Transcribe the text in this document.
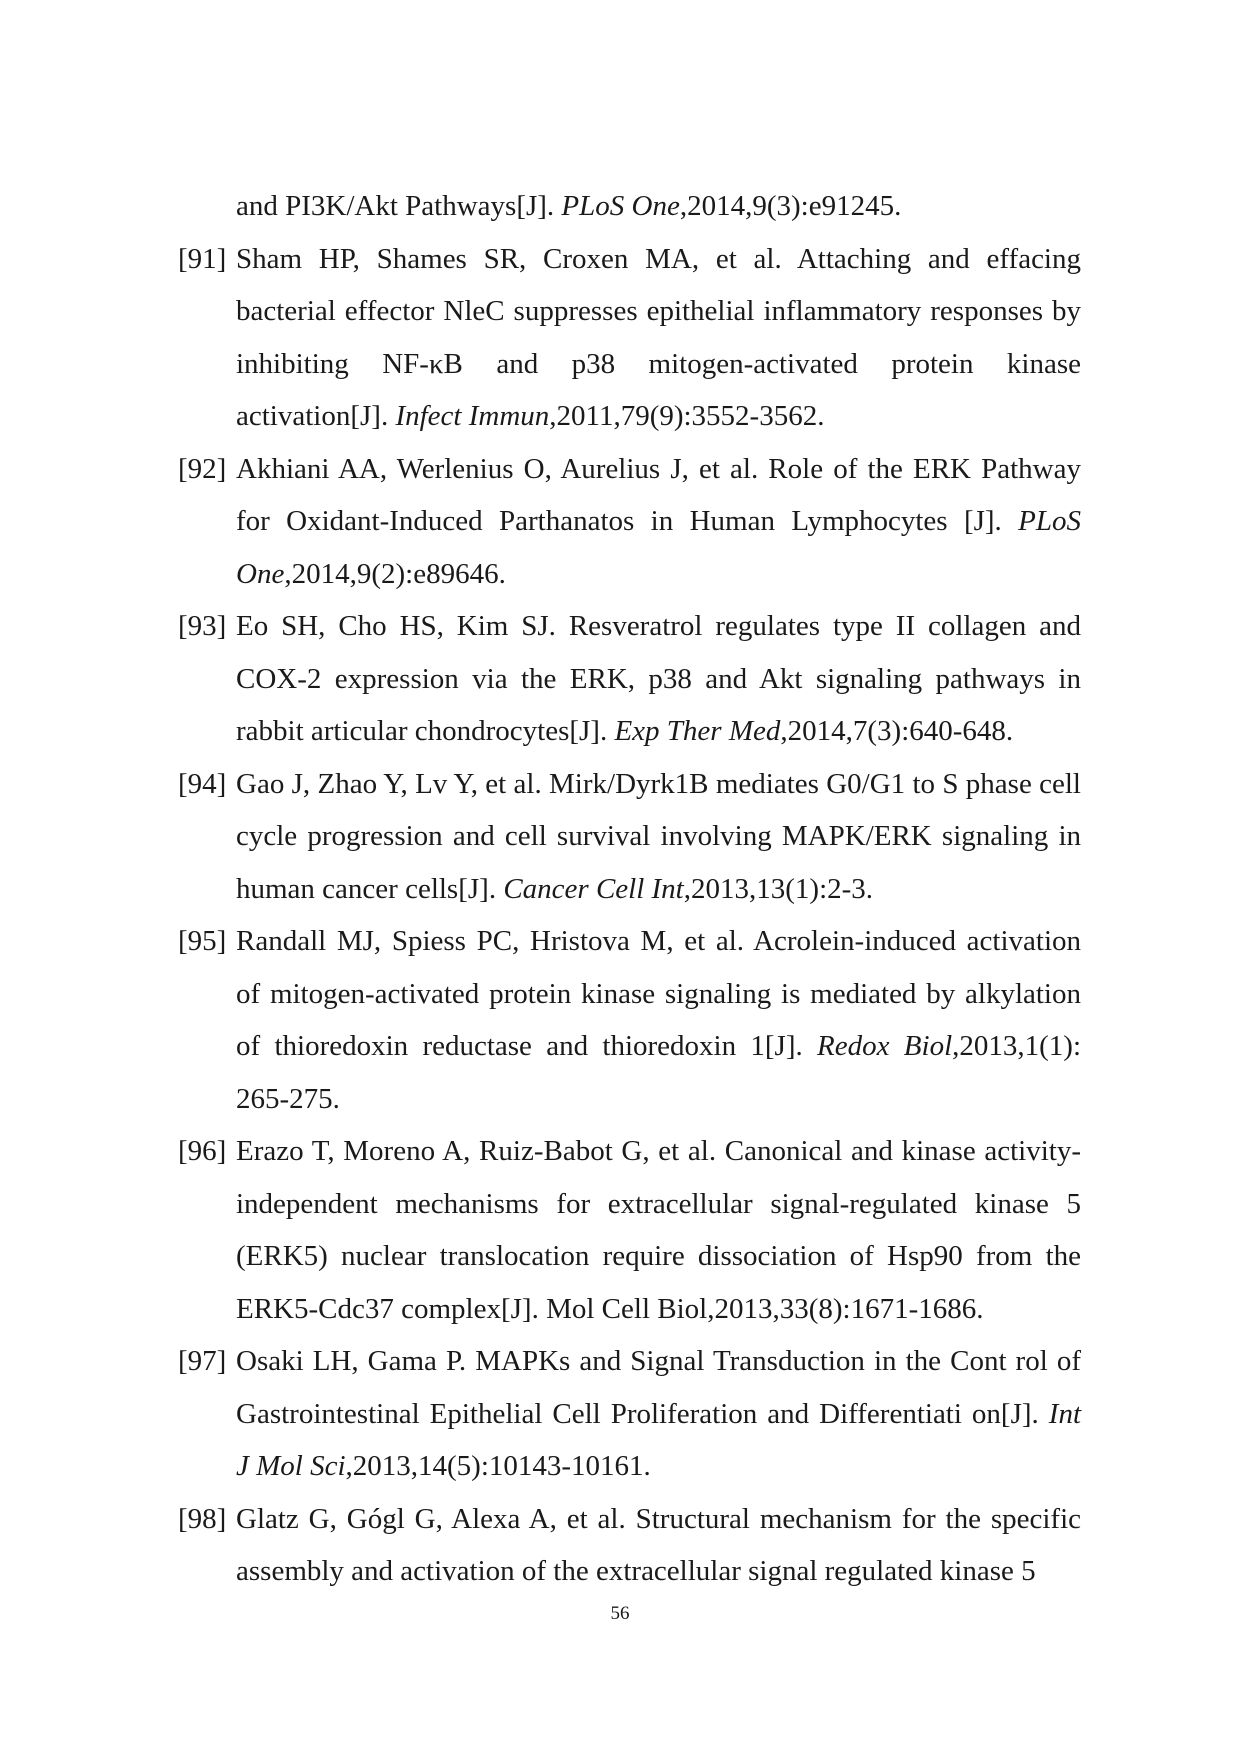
and PI3K/Akt Pathways[J]. PLoS One,2014,9(3):e91245.

[91] Sham HP, Shames SR, Croxen MA, et al. Attaching and effacing bacterial effector NleC suppresses epithelial inflammatory responses by inhibiting NF-κB and p38 mitogen-activated protein kinase activation[J]. Infect Immun,2011,79(9):3552-3562.

[92] Akhiani AA, Werlenius O, Aurelius J, et al. Role of the ERK Pathway for Oxidant-Induced Parthanatos in Human Lymphocytes [J]. PLoS One,2014,9(2):e89646.

[93] Eo SH, Cho HS, Kim SJ. Resveratrol regulates type II collagen and COX-2 expression via the ERK, p38 and Akt signaling pathways in rabbit articular chondrocytes[J]. Exp Ther Med,2014,7(3):640-648.

[94] Gao J, Zhao Y, Lv Y, et al. Mirk/Dyrk1B mediates G0/G1 to S phase cell cycle progression and cell survival involving MAPK/ERK signaling in human cancer cells[J]. Cancer Cell Int,2013,13(1):2-3.

[95] Randall MJ, Spiess PC, Hristova M, et al. Acrolein-induced activation of mitogen-activated protein kinase signaling is mediated by alkylation of thioredoxin reductase and thioredoxin 1[J]. Redox Biol,2013,1(1): 265-275.

[96] Erazo T, Moreno A, Ruiz-Babot G, et al. Canonical and kinase activity-independent mechanisms for extracellular signal-regulated kinase 5 (ERK5) nuclear translocation require dissociation of Hsp90 from the ERK5-Cdc37 complex[J]. Mol Cell Biol,2013,33(8):1671-1686.

[97] Osaki LH, Gama P. MAPKs and Signal Transduction in the Cont rol of Gastrointestinal Epithelial Cell Proliferation and Differentiati on[J]. Int J Mol Sci,2013,14(5):10143-10161.

[98] Glatz G, Gógl G, Alexa A, et al. Structural mechanism for the specific assembly and activation of the extracellular signal regulated kinase 5

56
